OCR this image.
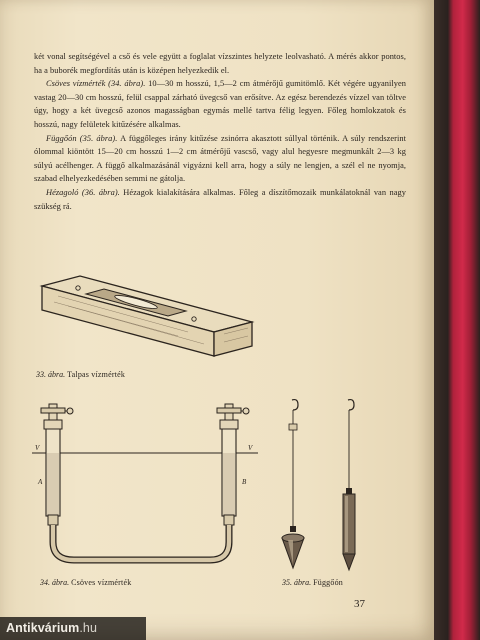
két vonal segítségével a cső és vele együtt a foglalat vízszintes helyzete leolvasható. A mérés akkor pontos, ha a buborék megfordítás után is középen helyezkedik el.

Csöves vízmérték (34. ábra). 10—30 m hosszú, 1,5—2 cm átmérőjű gumitömlő. Két végére ugyanilyen vastag 20—30 cm hosszú, felül csappal zárható üvegcső van erősítve. Az egész berendezés vízzel van töltve úgy, hogy a két üvegcső azonos magasságban egymás mellé tartva félig legyen. Főleg homlokzatok és hosszú, nagy felületek kitűzésére alkalmas.

Függőón (35. ábra). A függőleges irány kitűzése zsinórra akasztott súllyal történik. A súly rendszerint ólommal kiöntött 15—20 cm hosszú 1—2 cm átmérőjű vascső, vagy alul hegyesre megmunkált 2—3 kg súlyú acélhenger. A függő alkalmazásánál vigyázni kell arra, hogy a súly ne lengjen, a szél el ne nyomja, szabad elhelyezkedésében semmi ne gátolja.

Hézagoló (36. ábra). Hézagok kialakítására alkalmas. Főleg a díszítőmozaik munkálatoknál van nagy szükség rá.

33. ábra. Talpas vízmérték
V	V
A	B
34. ábra. Csöves vízmérték	35. ábra. Függőón
37
Antikvárium.hu
